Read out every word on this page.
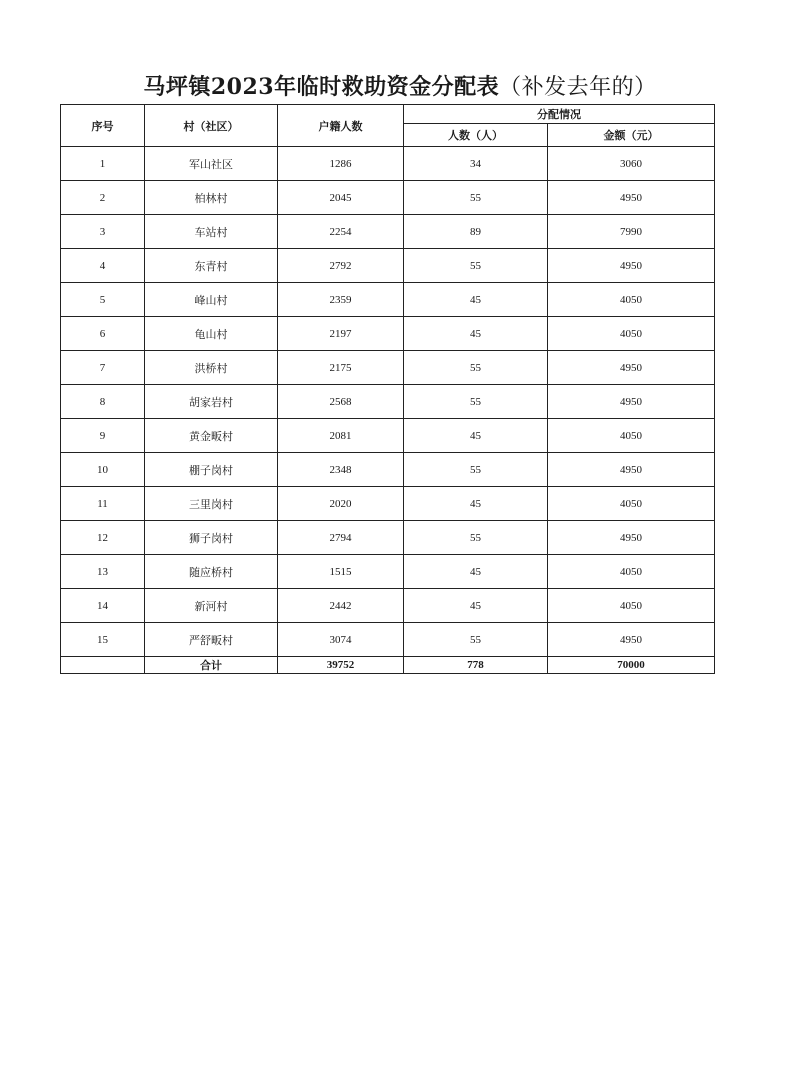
马坪镇2023年临时救助资金分配表（补发去年的）
序号	村（社区）	户籍人数	分配情况	
			人数（人）	金额（元）
1	军山社区	1286	34	3060
2	柏林村	2045	55	4950
3	车站村	2254	89	7990
4	东青村	2792	55	4950
5	峰山村	2359	45	4050
6	龟山村	2197	45	4050
7	洪桥村	2175	55	4950
8	胡家岩村	2568	55	4950
9	黄金畈村	2081	45	4050
10	棚子岗村	2348	55	4950
11	三里岗村	2020	45	4050
12	狮子岗村	2794	55	4950
13	随应桥村	1515	45	4050
14	新河村	2442	45	4050
15	严舒畈村	3074	55	4950
	合计	39752	778	70000
